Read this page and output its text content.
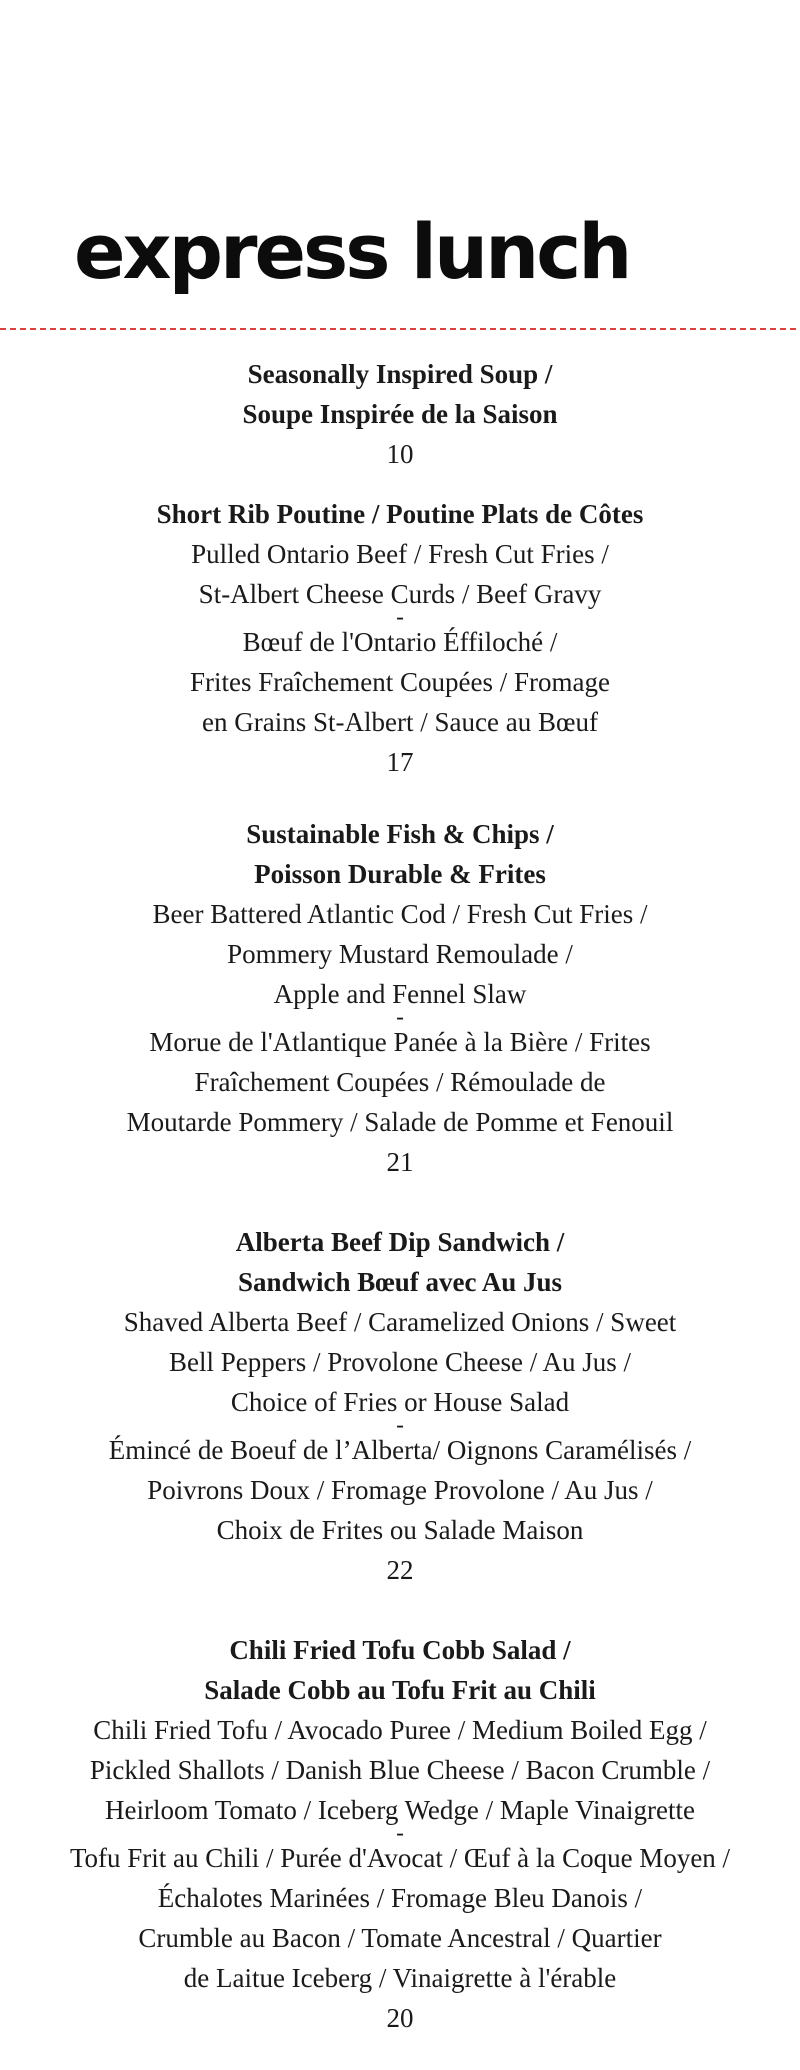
express lunch
Seasonally Inspired Soup /
Soupe Inspirée de la Saison
10
Short Rib Poutine / Poutine Plats de Côtes
Pulled Ontario Beef / Fresh Cut Fries /
St-Albert Cheese Curds / Beef Gravy
-
Bœuf de l'Ontario Éffiloché /
Frites Fraîchement Coupées / Fromage
en Grains St-Albert / Sauce au Bœuf
17
Sustainable Fish & Chips /
Poisson Durable & Frites
Beer Battered Atlantic Cod / Fresh Cut Fries /
Pommery Mustard Remoulade /
Apple and Fennel Slaw
-
Morue de l'Atlantique Panée à la Bière / Frites
Fraîchement Coupées / Rémoulade de
Moutarde Pommery / Salade de Pomme et Fenouil
21
Alberta Beef Dip Sandwich /
Sandwich Bœuf avec Au Jus
Shaved Alberta Beef / Caramelized Onions / Sweet
Bell Peppers / Provolone Cheese / Au Jus /
Choice of Fries or House Salad
-
Émincé de Boeuf de l’Alberta/ Oignons Caramélisés /
Poivrons Doux / Fromage Provolone / Au Jus /
Choix de Frites ou Salade Maison
22
Chili Fried Tofu Cobb Salad /
Salade Cobb au Tofu Frit au Chili
Chili Fried Tofu / Avocado Puree / Medium Boiled Egg /
Pickled Shallots / Danish Blue Cheese / Bacon Crumble /
Heirloom Tomato / Iceberg Wedge / Maple Vinaigrette
-
Tofu Frit au Chili / Purée d'Avocat / Œuf à la Coque Moyen /
Échalotes Marinées / Fromage Bleu Danois /
Crumble au Bacon / Tomate Ancestral / Quartier
de Laitue Iceberg / Vinaigrette à l'érable
20
